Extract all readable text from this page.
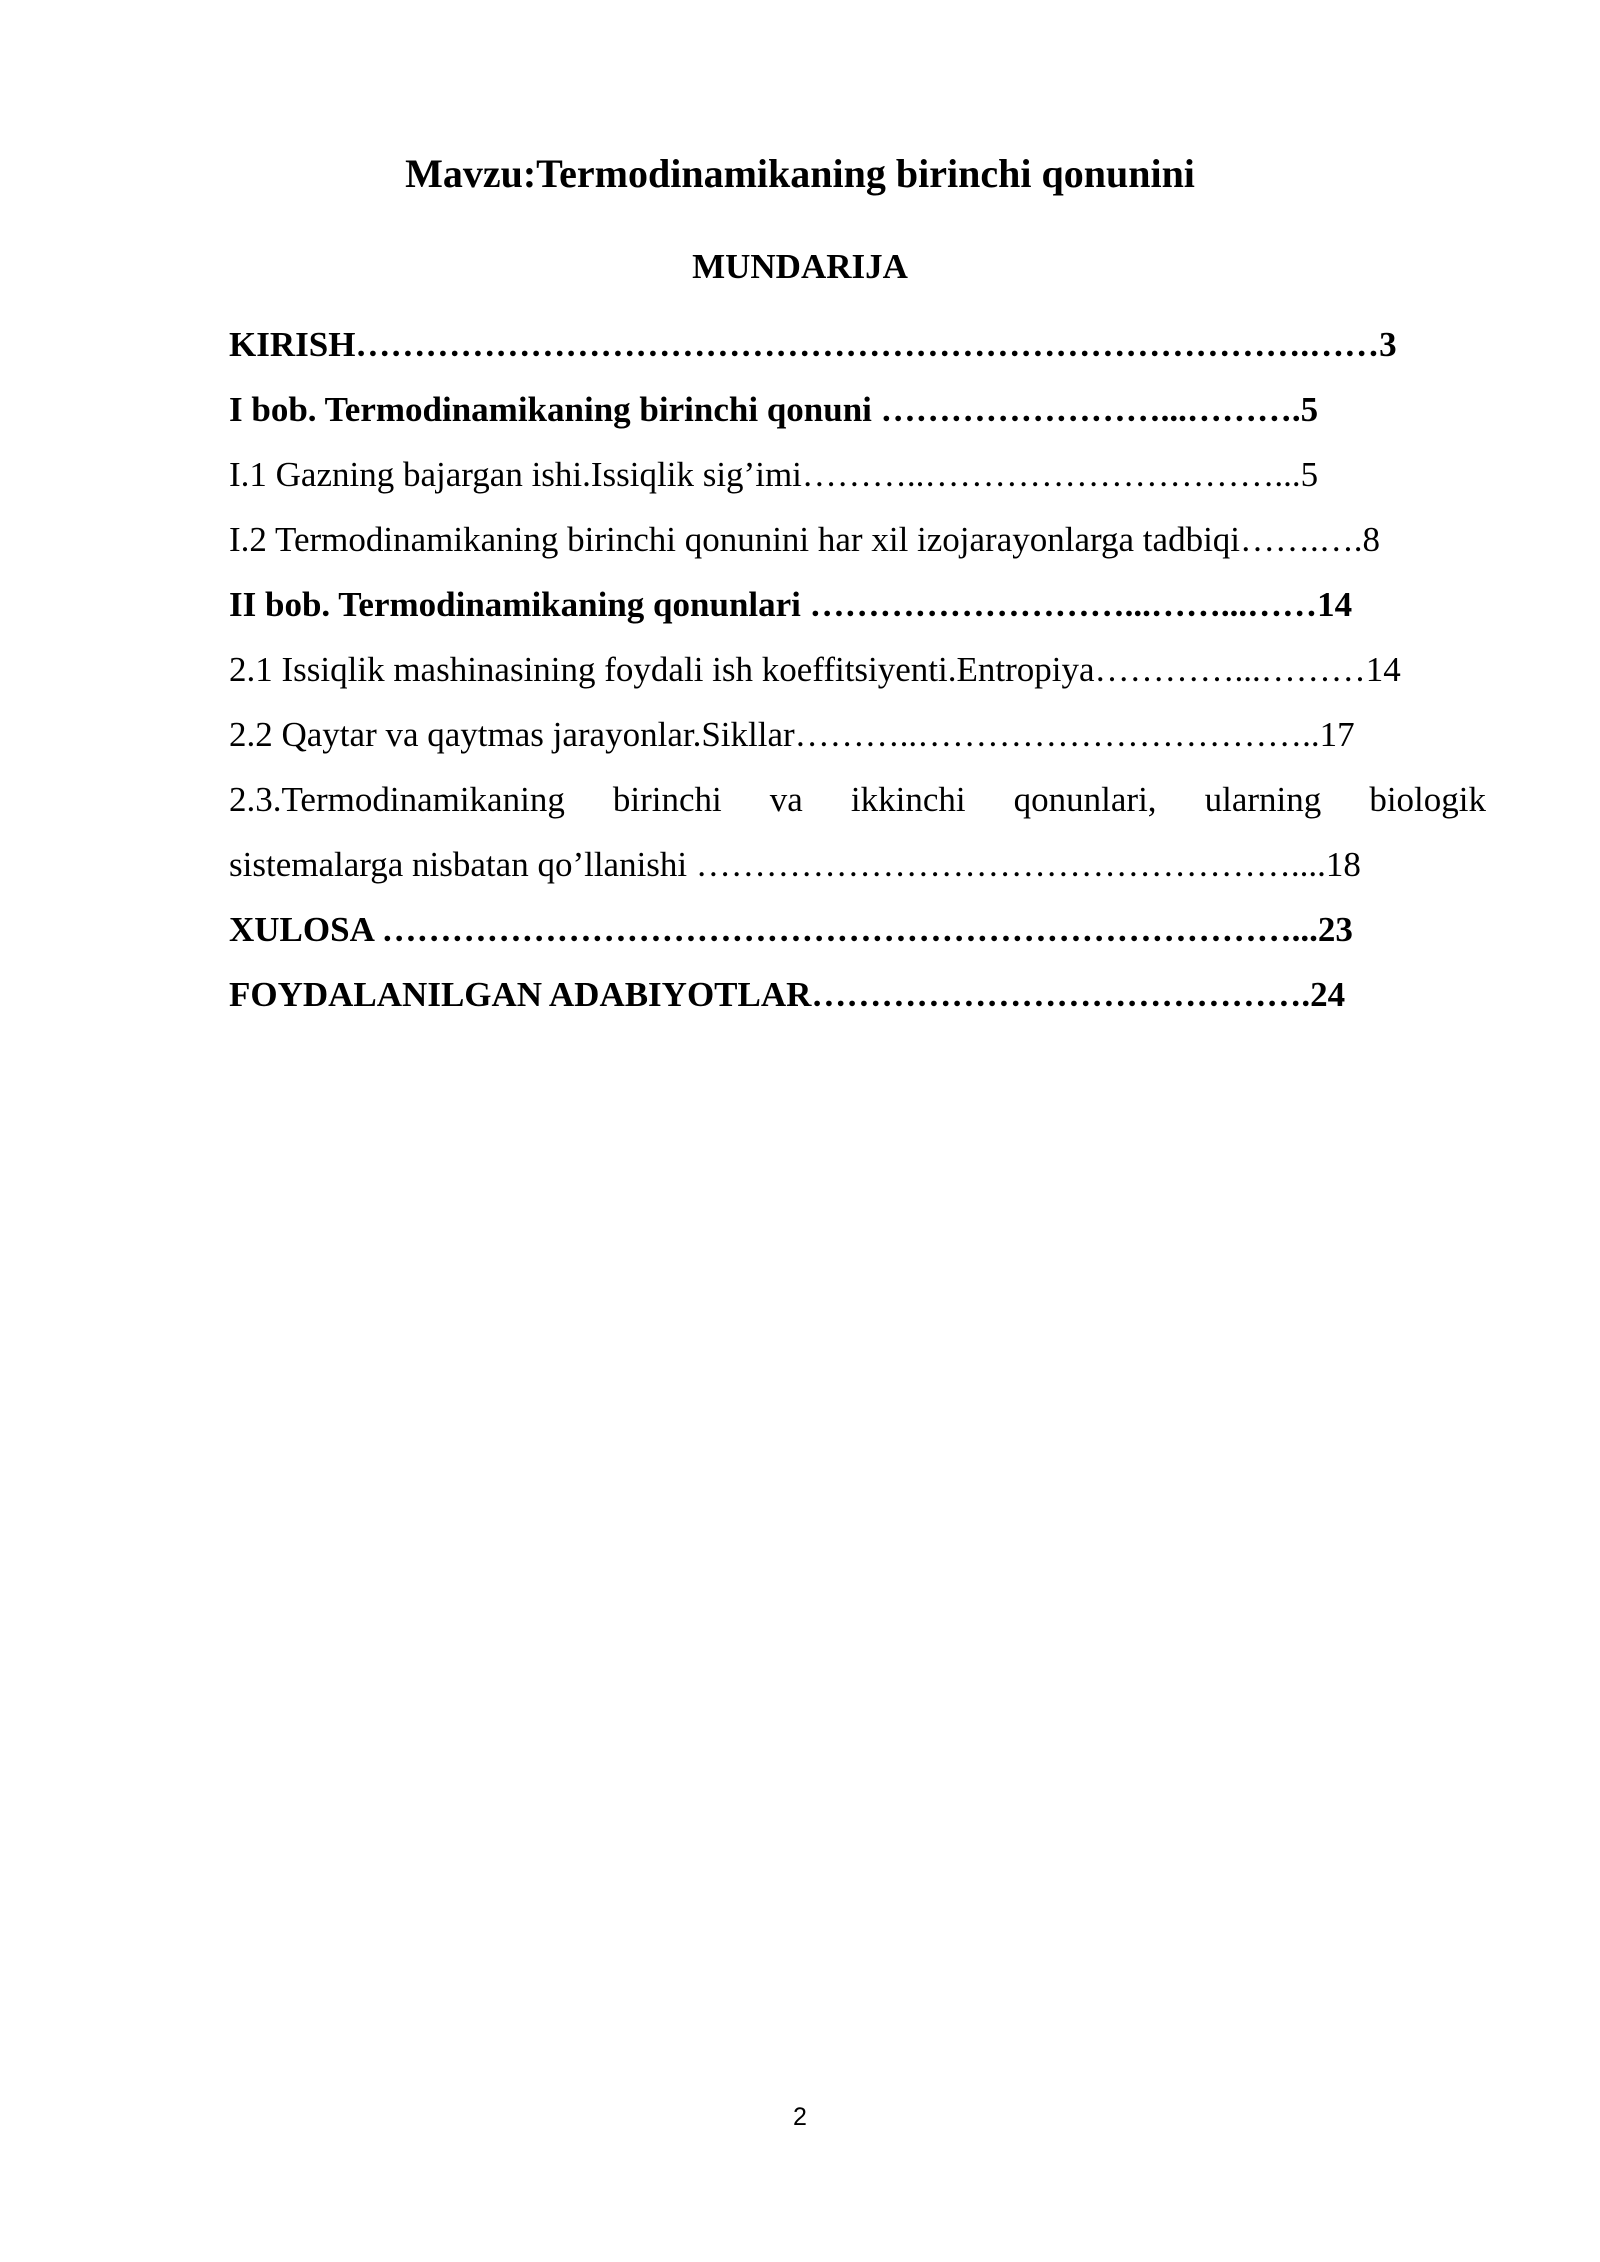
Mavzu:Termodinamikaning birinchi qonunini
MUNDARIJA
KIRISH……………………………………………………………………….……3
I bob. Termodinamikaning birinchi qonuni ……………………...……….5
I.1 Gazning bajargan ishi.Issiqlik sig’imi………..…………………………...5
I.2 Termodinamikaning birinchi qonunini har xil izojarayonlarga tadbiqi…….….8
II bob. Termodinamikaning qonunlari ………………………...……...……14
2.1 Issiqlik mashinasining foydali ish koeffitsiyenti.Entropiya…………...………14
2.2 Qaytar va qaytmas jarayonlar.Sikllar………..……………………………..17
2.3.Termodinamikaning birinchi va ikkinchi qonunlari, ularning biologik
sistemalarga nisbatan qo’llanishi ……………………………………………....18
XULOSA ……………………………………………………………………...23
FOYDALANILGAN ADABIYOTLAR…………………………………….24
2
